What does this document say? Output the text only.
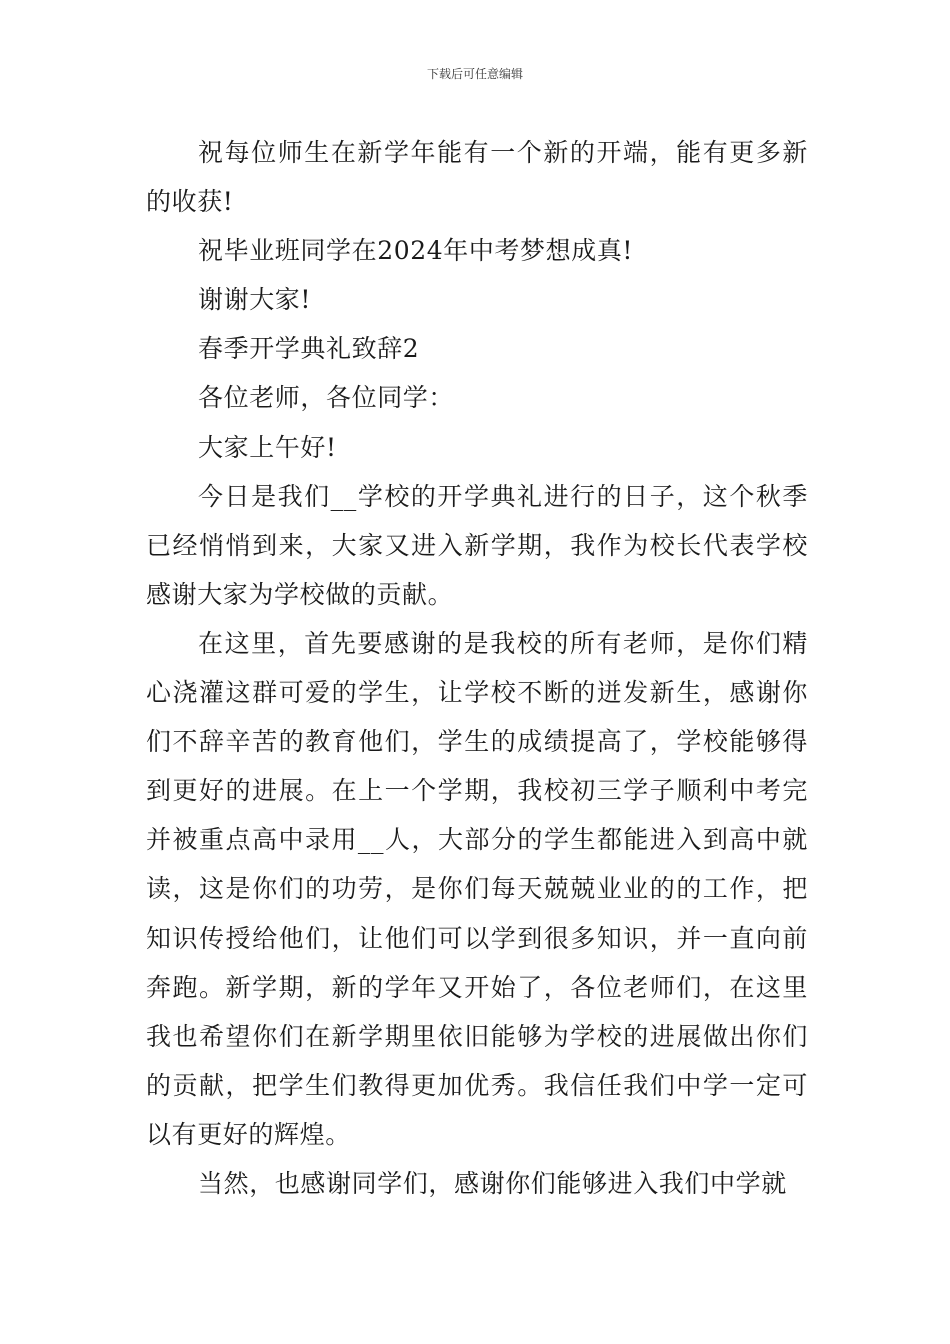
下载后可任意编辑

祝每位师生在新学年能有一个新的开端，能有更多新的收获!

祝毕业班同学在2024年中考梦想成真!

谢谢大家!

春季开学典礼致辞2

各位老师，各位同学：

大家上午好!

今日是我们__学校的开学典礼进行的日子，这个秋季已经悄悄到来，大家又进入新学期，我作为校长代表学校感谢大家为学校做的贡献。

在这里，首先要感谢的是我校的所有老师，是你们精心浇灌这群可爱的学生，让学校不断的迸发新生，感谢你们不辞辛苦的教育他们，学生的成绩提高了，学校能够得到更好的进展。在上一个学期，我校初三学子顺利中考完并被重点高中录用__人，大部分的学生都能进入到高中就读，这是你们的功劳，是你们每天兢兢业业的的工作，把知识传授给他们，让他们可以学到很多知识，并一直向前奔跑。新学期，新的学年又开始了，各位老师们，在这里我也希望你们在新学期里依旧能够为学校的进展做出你们的贡献，把学生们教得更加优秀。我信任我们中学一定可以有更好的辉煌。

当然，也感谢同学们，感谢你们能够进入我们中学就
